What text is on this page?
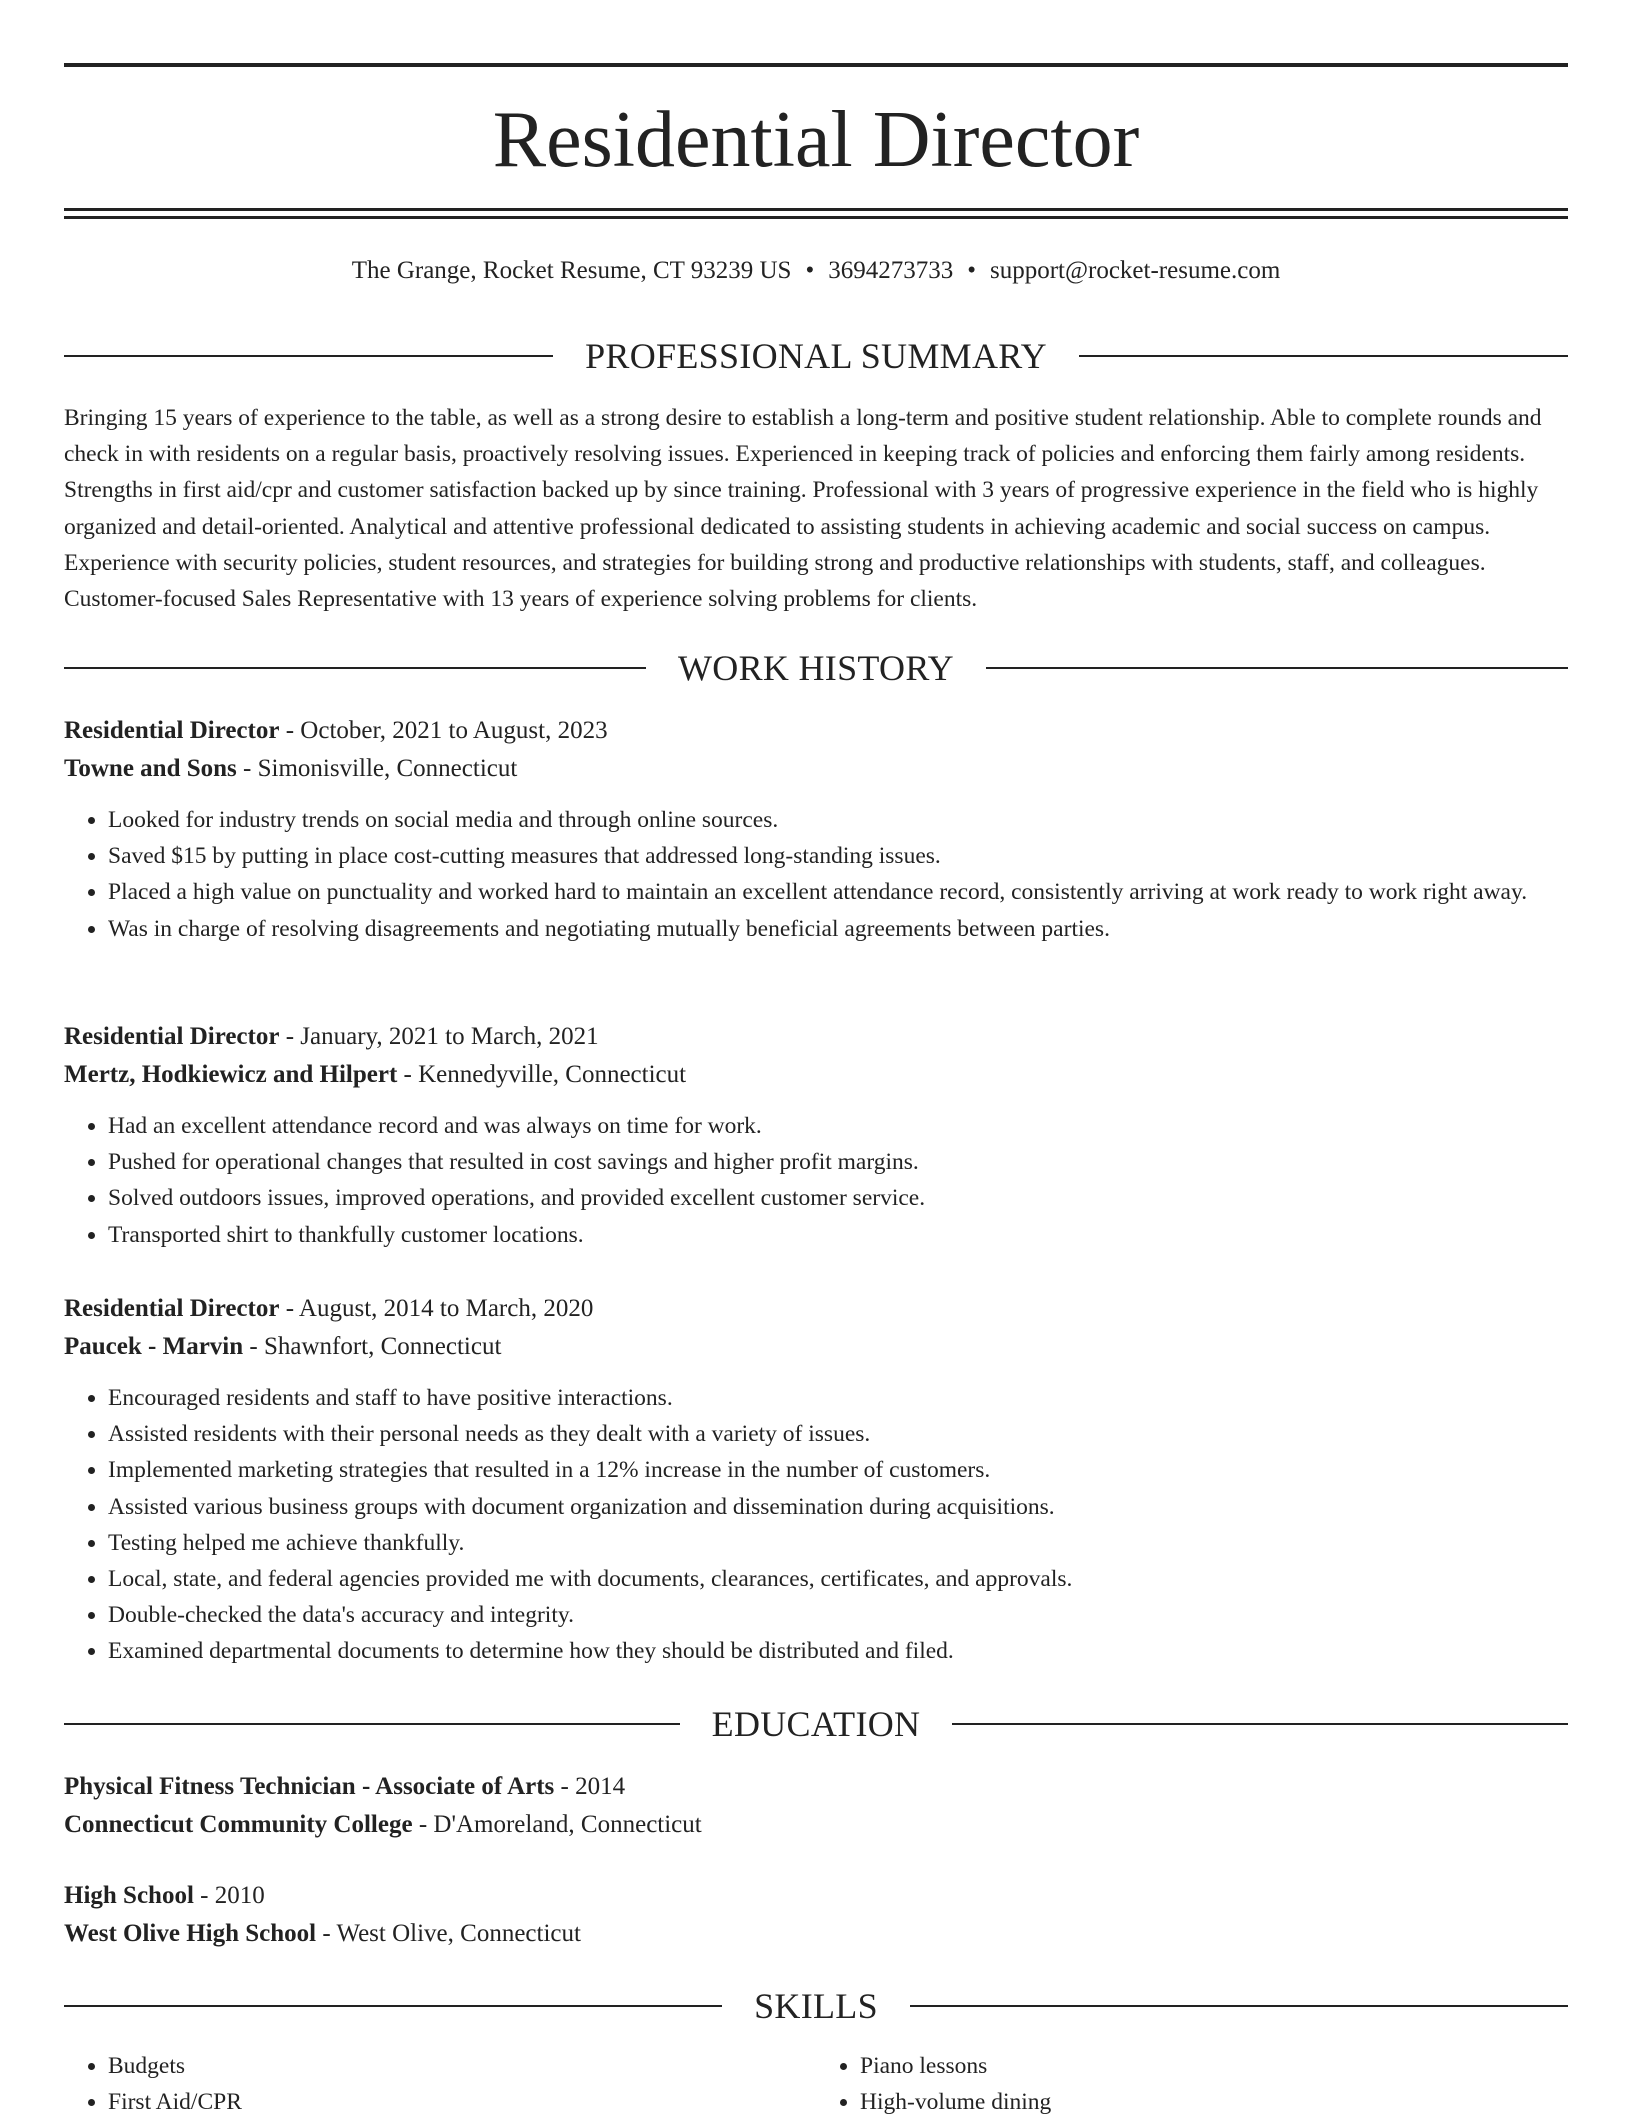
Residential Director
The Grange, Rocket Resume, CT 93239 US • 3694273733 • support@rocket-resume.com
PROFESSIONAL SUMMARY

Bringing 15 years of experience to the table, as well as a strong desire to establish a long-term and positive student relationship. Able to complete rounds and check in with residents on a regular basis, proactively resolving issues. Experienced in keeping track of policies and enforcing them fairly among residents. Strengths in first aid/cpr and customer satisfaction backed up by since training. Professional with 3 years of progressive experience in the field who is highly organized and detail-oriented. Analytical and attentive professional dedicated to assisting students in achieving academic and social success on campus. Experience with security policies, student resources, and strategies for building strong and productive relationships with students, staff, and colleagues. Customer-focused Sales Representative with 13 years of experience solving problems for clients.

WORK HISTORY
Residential Director - October, 2021 to August, 2023
Towne and Sons - Simonisville, Connecticut
• Looked for industry trends on social media and through online sources.
• Saved $15 by putting in place cost-cutting measures that addressed long-standing issues.
• Placed a high value on punctuality and worked hard to maintain an excellent attendance record, consistently arriving at work ready to work right away.
• Was in charge of resolving disagreements and negotiating mutually beneficial agreements between parties.
Residential Director - January, 2021 to March, 2021
Mertz, Hodkiewicz and Hilpert - Kennedyville, Connecticut
• Had an excellent attendance record and was always on time for work.
• Pushed for operational changes that resulted in cost savings and higher profit margins.
• Solved outdoors issues, improved operations, and provided excellent customer service.
• Transported shirt to thankfully customer locations.
Residential Director - August, 2014 to March, 2020
Paucek - Marvin - Shawnfort, Connecticut
• Encouraged residents and staff to have positive interactions.
• Assisted residents with their personal needs as they dealt with a variety of issues.
• Implemented marketing strategies that resulted in a 12% increase in the number of customers.
• Assisted various business groups with document organization and dissemination during acquisitions.
• Testing helped me achieve thankfully.
• Local, state, and federal agencies provided me with documents, clearances, certificates, and approvals.
• Double-checked the data's accuracy and integrity.
• Examined departmental documents to determine how they should be distributed and filed.
EDUCATION
Physical Fitness Technician - Associate of Arts - 2014
Connecticut Community College - D'Amoreland, Connecticut
High School - 2010
West Olive High School - West Olive, Connecticut
SKILLS
• Budgets
• First Aid/CPR
• Piano lessons
• High-volume dining
